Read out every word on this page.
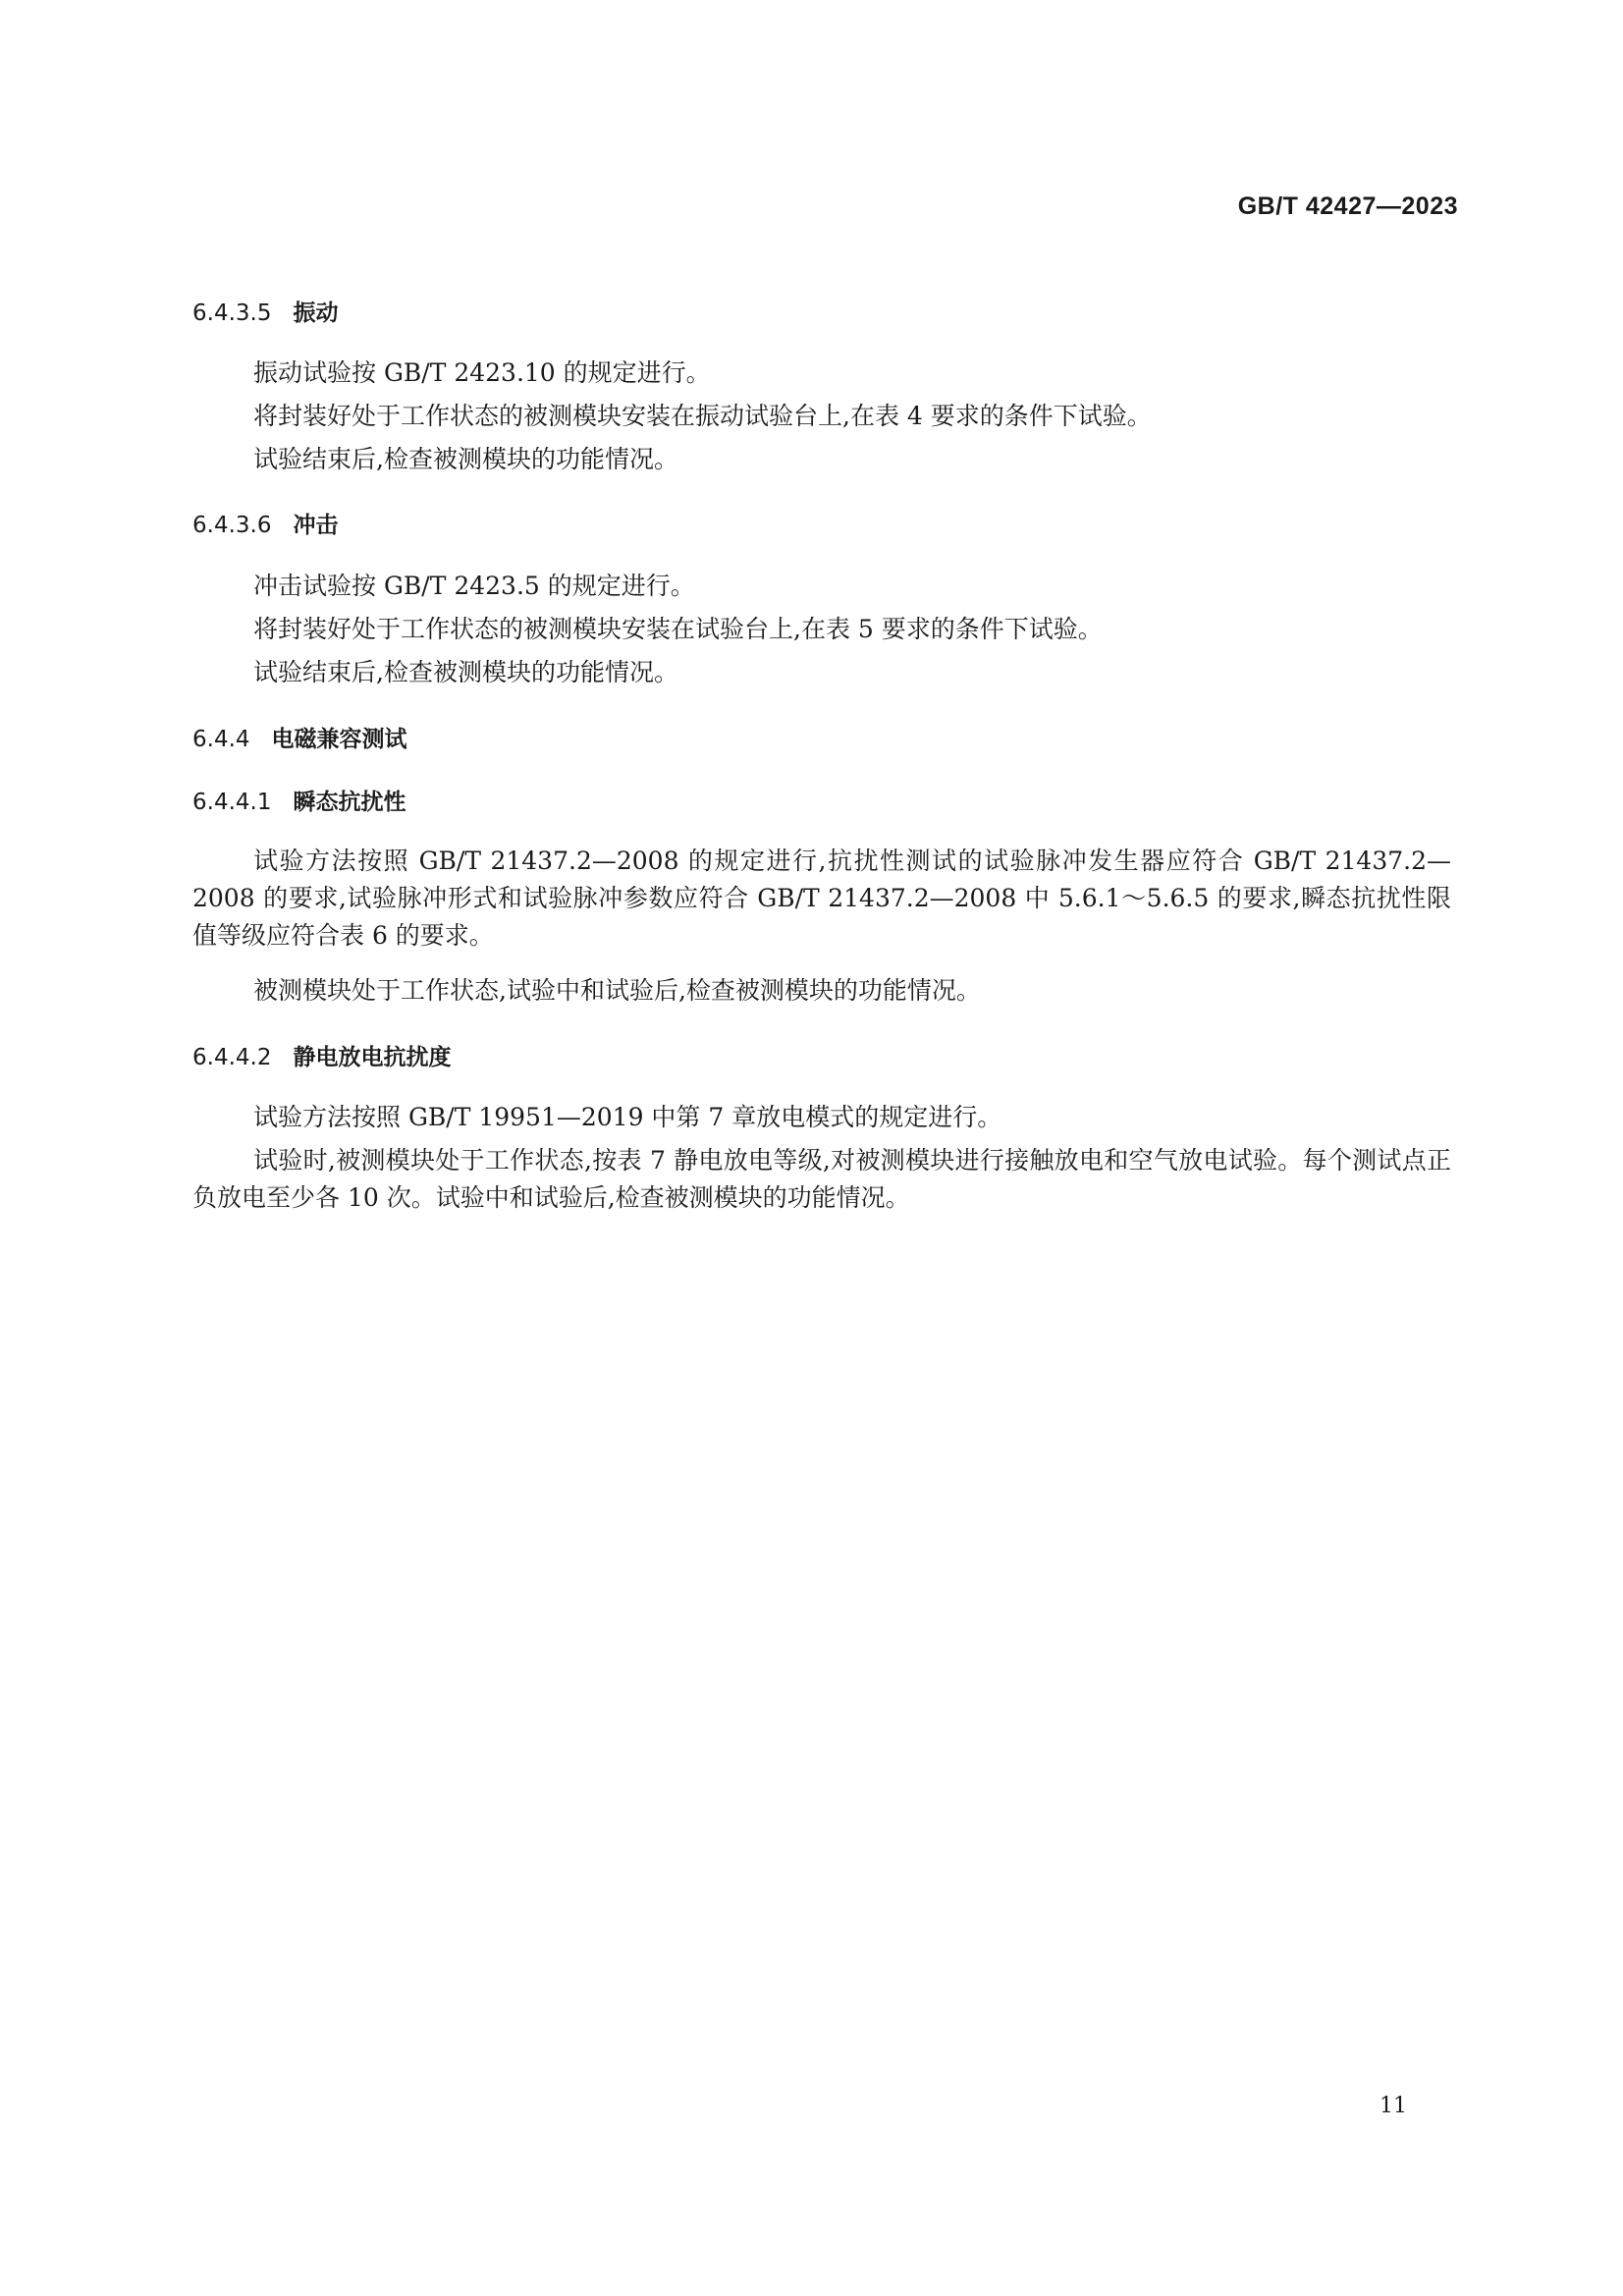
GB/T 42427—2023
6.4.3.5 振动
振动试验按 GB/T 2423.10 的规定进行。
将封装好处于工作状态的被测模块安装在振动试验台上,在表 4 要求的条件下试验。
试验结束后,检查被测模块的功能情况。
6.4.3.6 冲击
冲击试验按 GB/T 2423.5 的规定进行。
将封装好处于工作状态的被测模块安装在试验台上,在表 5 要求的条件下试验。
试验结束后,检查被测模块的功能情况。
6.4.4 电磁兼容测试
6.4.4.1 瞬态抗扰性
试验方法按照 GB/T 21437.2—2008 的规定进行,抗扰性测试的试验脉冲发生器应符合 GB/T 21437.2—2008 的要求,试验脉冲形式和试验脉冲参数应符合 GB/T 21437.2—2008 中 5.6.1～5.6.5 的要求,瞬态抗扰性限值等级应符合表 6 的要求。
被测模块处于工作状态,试验中和试验后,检查被测模块的功能情况。
6.4.4.2 静电放电抗扰度
试验方法按照 GB/T 19951—2019 中第 7 章放电模式的规定进行。
试验时,被测模块处于工作状态,按表 7 静电放电等级,对被测模块进行接触放电和空气放电试验。每个测试点正负放电至少各 10 次。试验中和试验后,检查被测模块的功能情况。
11
